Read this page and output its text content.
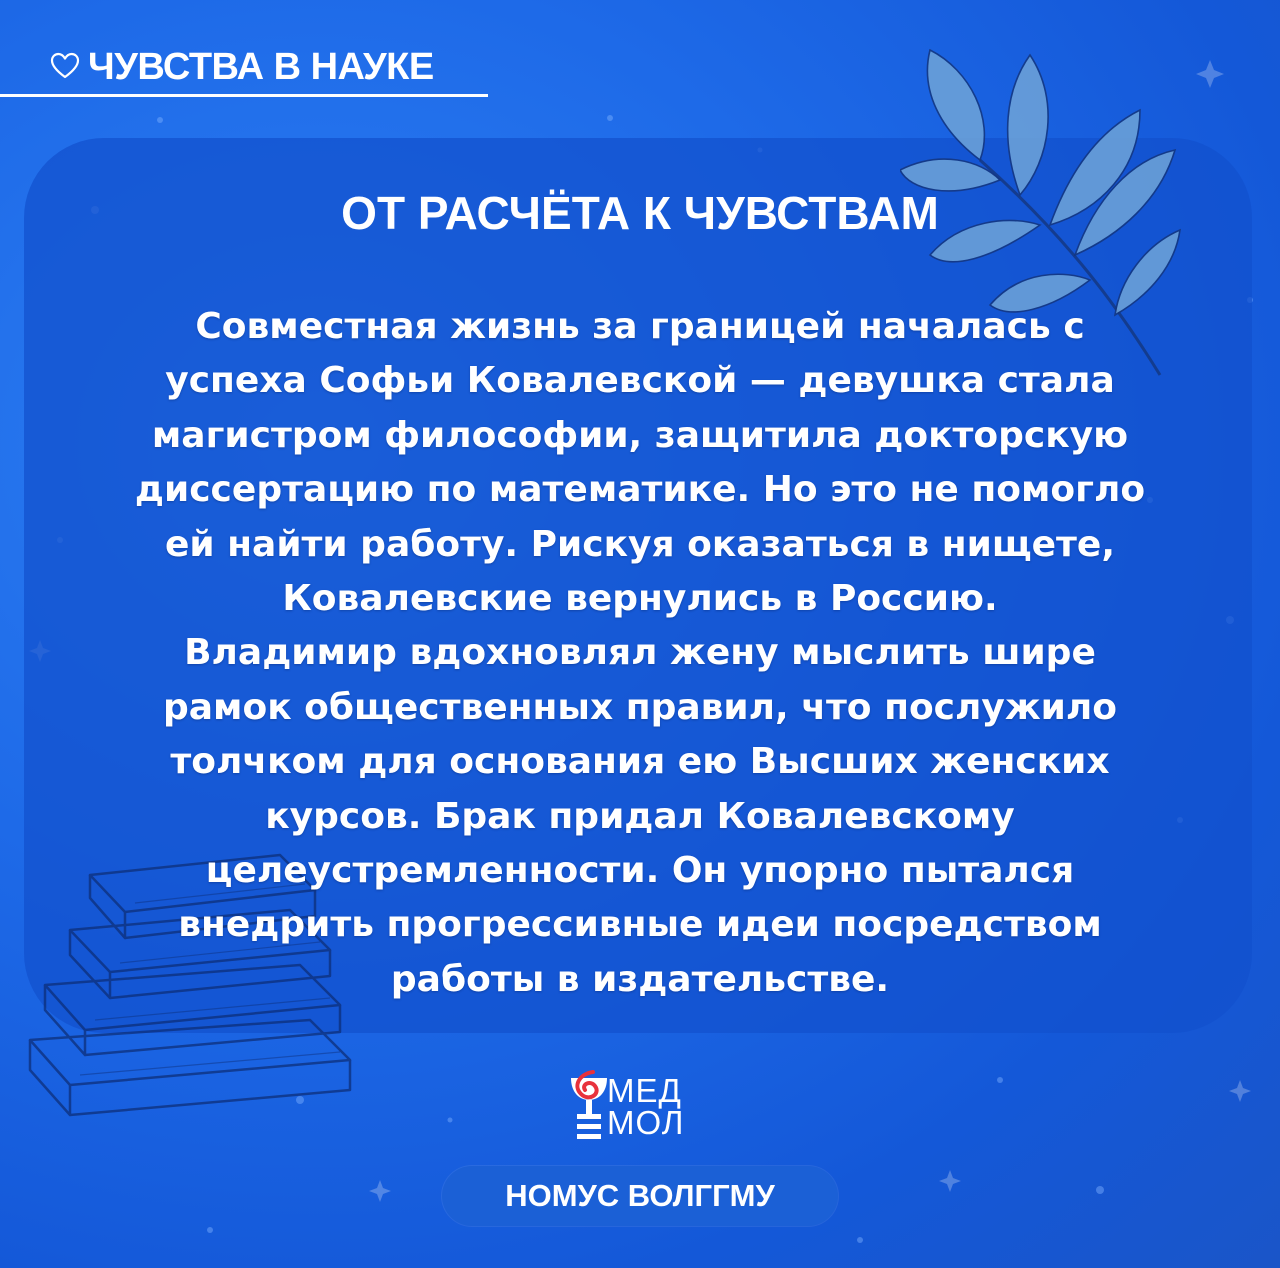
ЧУВСТВА В НАУКЕ
ОТ РАСЧЁТА К ЧУВСТВАМ

Совместная жизнь за границей началась с
успеха Софьи Ковалевской — девушка стала
магистром философии, защитила докторскую
диссертацию по математике. Но это не помогло
ей найти работу. Рискуя оказаться в нищете,
Ковалевские вернулись в Россию.
Владимир вдохновлял жену мыслить шире
рамок общественных правил, что послужило
толчком для основания ею Высших женских
курсов. Брак придал Ковалевскому
целеустремленности. Он упорно пытался
внедрить прогрессивные идеи посредством
работы в издательстве.

МЕД
МОЛ
НОМУС ВОЛГГМУ
